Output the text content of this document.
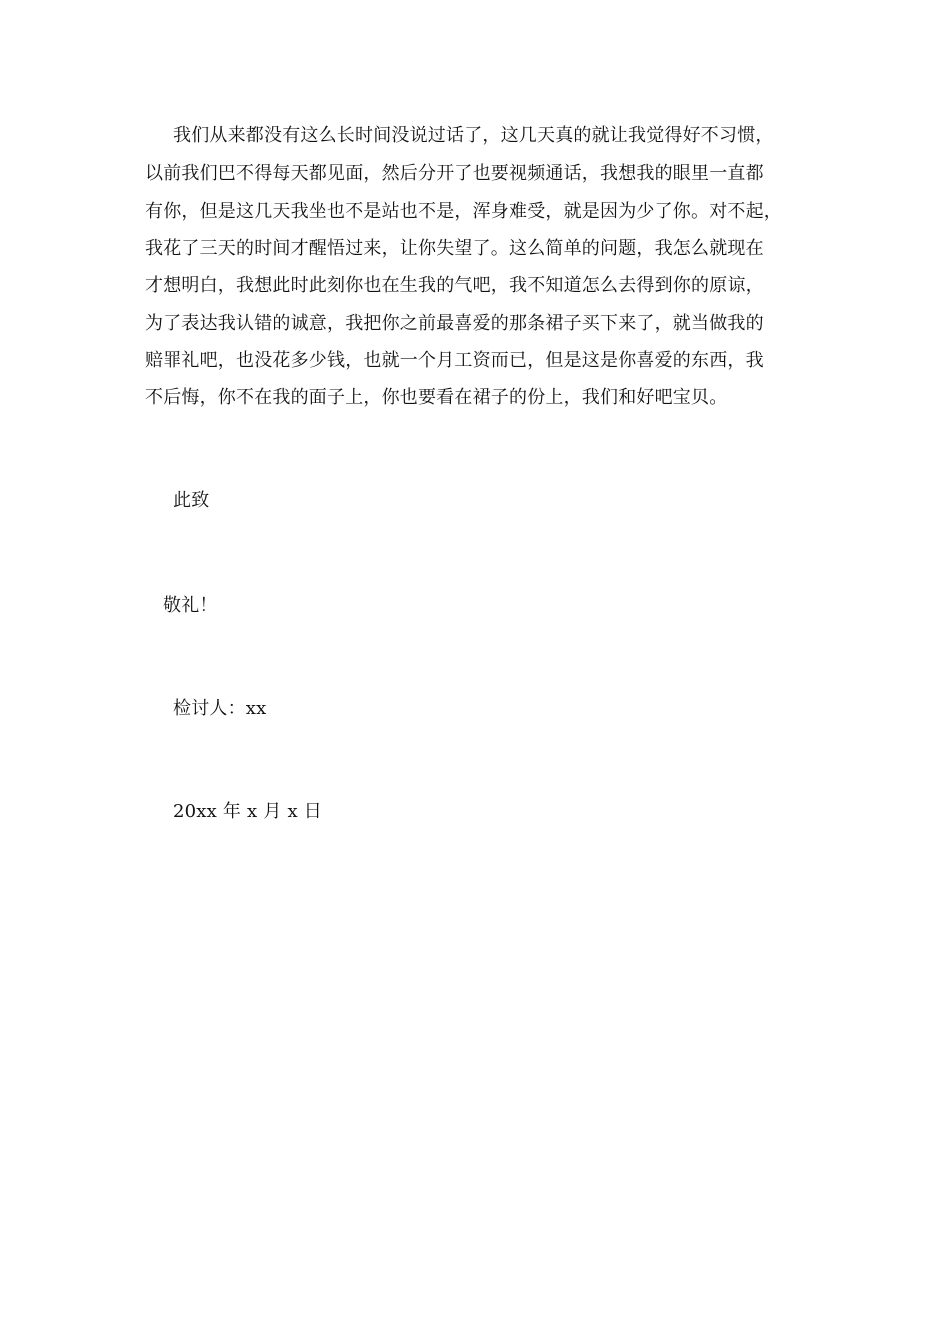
我们从来都没有这么长时间没说过话了，这几天真的就让我觉得好不习惯，
以前我们巴不得每天都见面，然后分开了也要视频通话，我想我的眼里一直都
有你，但是这几天我坐也不是站也不是，浑身难受，就是因为少了你。对不起，
我花了三天的时间才醒悟过来，让你失望了。这么简单的问题，我怎么就现在
才想明白，我想此时此刻你也在生我的气吧，我不知道怎么去得到你的原谅，
为了表达我认错的诚意，我把你之前最喜爱的那条裙子买下来了，就当做我的
赔罪礼吧，也没花多少钱，也就一个月工资而已，但是这是你喜爱的东西，我
不后悔，你不在我的面子上，你也要看在裙子的份上，我们和好吧宝贝。
此致
敬礼！
检讨人：xx
20xx 年 x 月 x 日
